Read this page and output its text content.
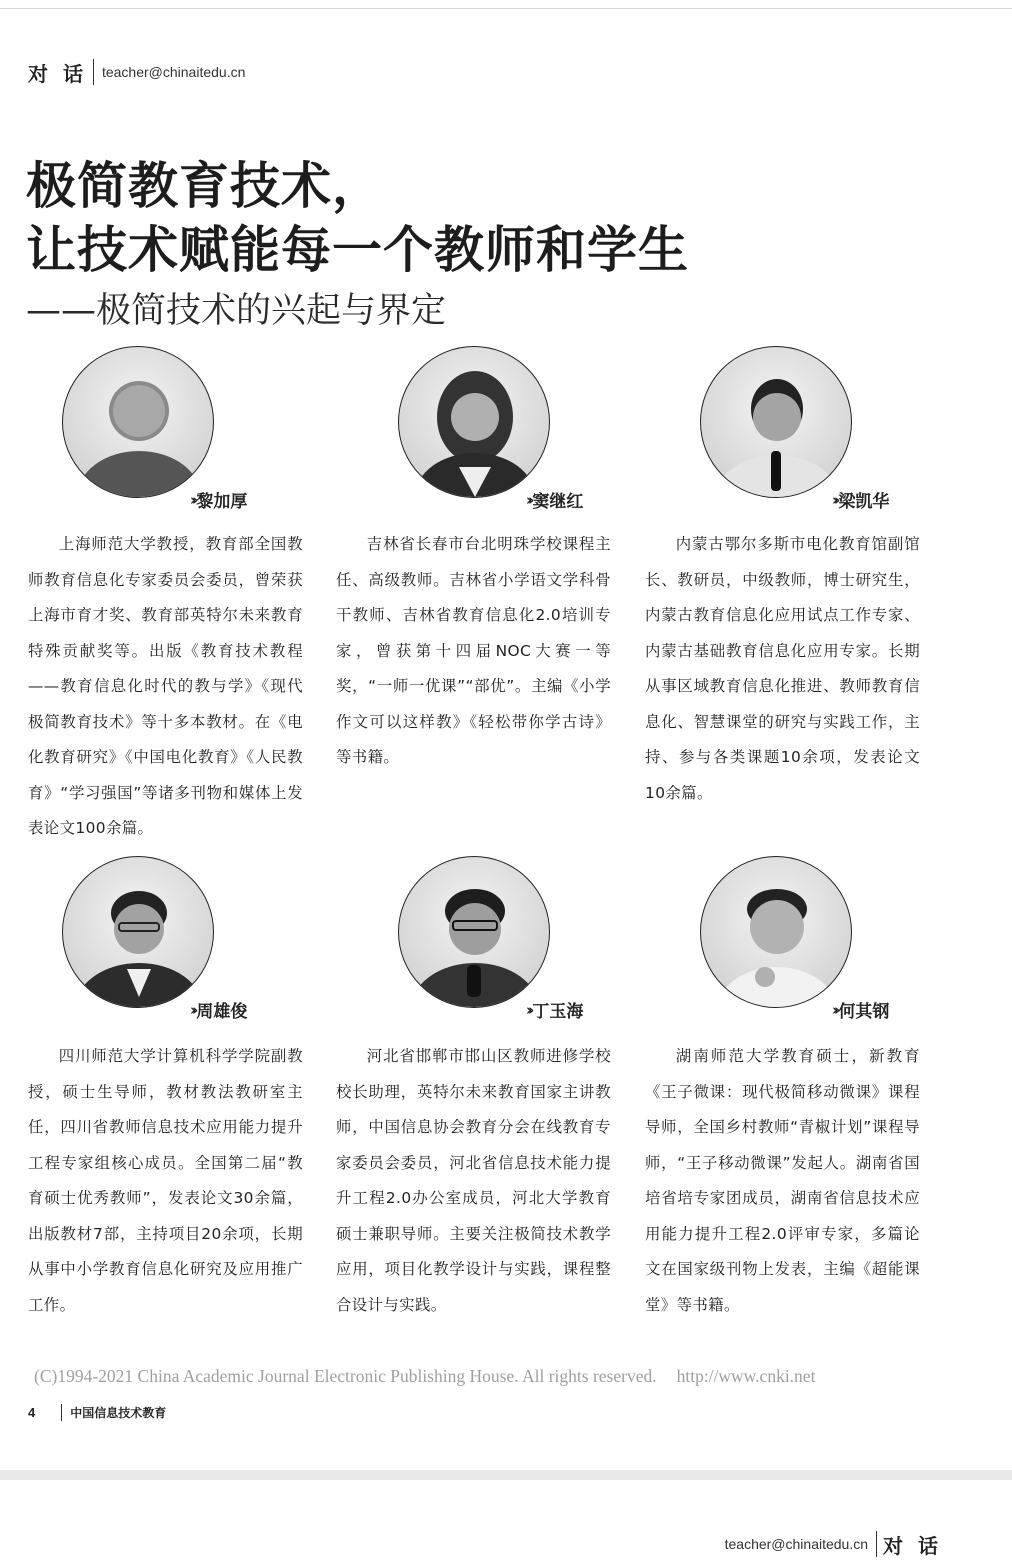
对 话 teacher@chinaitedu.cn
极简教育技术，
让技术赋能每一个教师和学生
——极简技术的兴起与界定
›› 黎加厚

上海师范大学教授，教育部全国教师教育信息化专家委员会委员，曾荣获上海市育才奖、教育部英特尔未来教育特殊贡献奖等。出版《教育技术教程——教育信息化时代的教与学》《现代极简教育技术》等十多本教材。在《电化教育研究》《中国电化教育》《人民教育》“学习强国”等诸多刊物和媒体上发表论文100余篇。

›› 窦继红

吉林省长春市台北明珠学校课程主任、高级教师。吉林省小学语文学科骨干教师、吉林省教育信息化2.0培训专家，曾获第十四届NOC大赛一等奖，“一师一优课”“部优”。主编《小学作文可以这样教》《轻松带你学古诗》等书籍。

›› 梁凯华

内蒙古鄂尔多斯市电化教育馆副馆长、教研员，中级教师，博士研究生，内蒙古教育信息化应用试点工作专家、内蒙古基础教育信息化应用专家。长期从事区域教育信息化推进、教师教育信息化、智慧课堂的研究与实践工作，主持、参与各类课题10余项，发表论文10余篇。

›› 周雄俊

四川师范大学计算机科学学院副教授，硕士生导师，教材教法教研室主任，四川省教师信息技术应用能力提升工程专家组核心成员。全国第二届“教育硕士优秀教师”，发表论文30余篇，出版教材7部，主持项目20余项，长期从事中小学教育信息化研究及应用推广工作。

›› 丁玉海

河北省邯郸市邯山区教师进修学校校长助理，英特尔未来教育国家主讲教师，中国信息协会教育分会在线教育专家委员会委员，河北省信息技术能力提升工程2.0办公室成员，河北大学教育硕士兼职导师。主要关注极简技术教学应用，项目化教学设计与实践，课程整合设计与实践。

›› 何其钢

湖南师范大学教育硕士，新教育《王子微课：现代极简移动微课》课程导师，全国乡村教师“青椒计划”课程导师，“王子移动微课”发起人。湖南省国培省培专家团成员，湖南省信息技术应用能力提升工程2.0评审专家，多篇论文在国家级刊物上发表，主编《超能课堂》等书籍。

(C)1994-2021 China Academic Journal Electronic Publishing House. All rights reserved. http://www.cnki.net
4	中国信息技术教育
teacher@chinaitedu.cn 对 话
